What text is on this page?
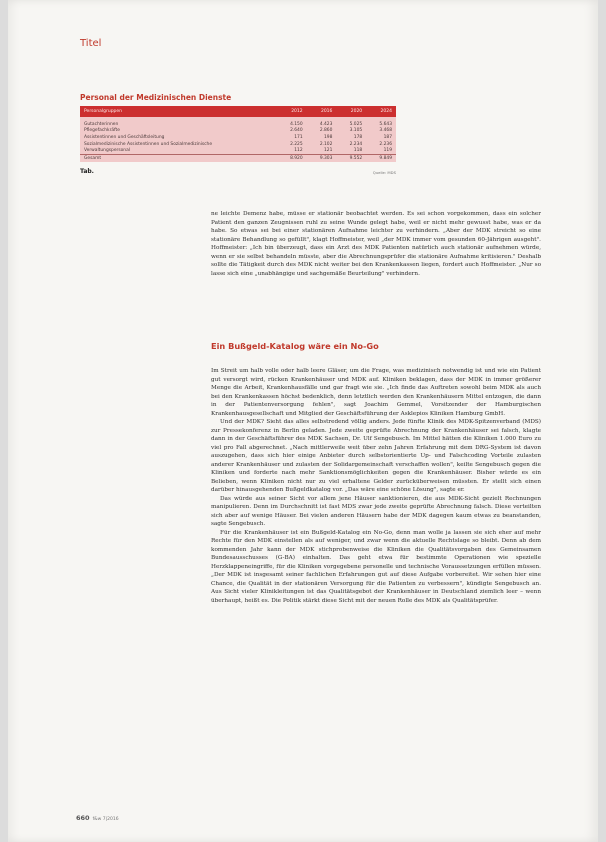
Titel
Personal der Medizinischen Dienste
Personalgruppen	2012	2016	2020	2024

Gutachterinnen	4.150	4.423	5.025	5.643
Pflegefachkräfte	2.640	2.860	3.105	3.468
Assistentinnen und Geschäftsleitung	171	198	178	187
Sozialmedizinische Assistentinnen und Sozialmedizinische	2.225	2.102	2.234	2.236
Verwaltungspersonal	112	121	118	119
Gesamt	8.920	9.303	9.552	9.849
Tab.	Quelle: MDS

ne leichte Demenz habe, müsse er stationär beobachtet werden. Es sei schon vorgekommen, dass ein solcher Patient den ganzen Zeugnissen ruhl zu seine Wunde gelegt habe, weil er nicht mehr gewusst habe, was er da habe. So etwas sei bei einer stationären Aufnahme leichter zu verhindern. „Aber der MDK streicht so eine stationäre Behandlung so gefüllt", klagt Hoffmeister, weil „der MDK immer vom gesunden 60-Jährigen ausgeht". Hoffmeister: „Ich bin überzeugt, dass ein Arzt des MDK Patienten natürlich auch stationär aufnehmen würde, wenn er sie selbst behandeln müsste, aber die Abrechnungsprüfer die stationäre Aufnahme kritisieren." Deshalb sollte die Tätigkeit durch des MDK nicht weiter bei den Krankenkassen liegen, fordert auch Hoffmeister. „Nur so lasse sich eine „unabhängige und sachgemäße Beurteilung" verhindern.

Ein Bußgeld-Katalog wäre ein No-Go

Im Streit um halb volle oder halb leere Gläser, um die Frage, was medizinisch notwendig ist und wie ein Patient gut versorgt wird, rücken Krankenhäuser und MDK auf. Kliniken beklagen, dass der MDK in immer größerer Menge die Arbeit, Krankenhausfälle und gar fragt wie sie. „Ich finde das Auftreten sowohl beim MDK als auch bei den Krankenkassen höchst bedenklich, denn letztlich werden den Krankenhäusern Mittel entzogen, die dann in der Patientenversorgung fehlen", sagt Joachim Gemmel, Vorsitzender der Hamburgischen Krankenhausgesellschaft und Mitglied der Geschäftsführung der Asklepios Kliniken Hamburg GmbH.

Und der MDK? Sieht das alles selbstredend völlig anders. Jede fünfte Klinik des MDK-Spitzenverband (MDS) zur Pressekonferenz in Berlin geladen. Jede zweite geprüfte Abrechnung der Krankenhäuser sei falsch, klagte dann in der Geschäftsführer des MDK Sachsen, Dr. Ulf Sengebusch. Im Mittel hätten die Kliniken 1.000 Euro zu viel pro Fall abgerechnet. „Nach mittlerweile weit über zehn Jahren Erfahrung mit dem DRG-System ist davon auszugehen, dass sich hier einige Anbieter durch selbstorientierte Up- und Falschcoding Vorteile zulasten anderer Krankenhäuser und zulasten der Solidargemeinschaft verschaffen wollen", keilte Sengebusch gegen die Kliniken und forderte nach mehr Sanktionsmöglichkeiten gegen die Krankenhäuser. Bisher würde es ein Belieben, wenn Kliniken nicht nur zu viel erhaltene Gelder zurücküberweisen müssten. Er stellt sich einen darüber hinausgehenden Bußgeldkatalog vor. „Das wäre eine schöne Lösung", sagte er.

Das würde aus seiner Sicht vor allem jene Häuser sanktionieren, die aus MDK-Sicht gezielt Rechnungen manipulieren. Denn im Durchschnitt ist fast MDS zwar jede zweite geprüfte Abrechnung falsch. Diese verteilten sich aber auf wenige Häuser. Bei vielen anderen Häusern habe der MDK dagegen kaum etwas zu beanstanden, sagte Sengebusch.

Für die Krankenhäuser ist ein Bußgeld-Katalog ein No-Go, denn man wolle ja lassen sie sich eher auf mehr Rechte für den MDK einstellen als auf weniger, und zwar wenn die aktuelle Rechtslage so bleibt. Denn ab dem kommenden Jahr kann der MDK stichprobenweise die Kliniken die Qualitätsvorgaben des Gemeinsamen Bundesausschusses (G-BA) einhalten. Das geht etwa für bestimmte Operationen wie spezielle Herzklappeneingriffe, für die Kliniken vorgegebene personelle und technische Voraussetzungen erfüllen müssen. „Der MDK ist insgesamt seiner fachlichen Erfahrungen gut auf diese Aufgabe vorbereitet. Wir sehen hier eine Chance, die Qualität in der stationären Versorgung für die Patienten zu verbessern", kündigte Sengebusch an. Aus Sicht vieler Klinikleitungen ist das Qualitätsgebot der Krankenhäuser in Deutschland ziemlich leer – wenn überhaupt, heißt es. Die Politik stärkt diese Sicht mit der neuen Rolle des MDK als Qualitätsprüfer.

660 f&w 7|2016
